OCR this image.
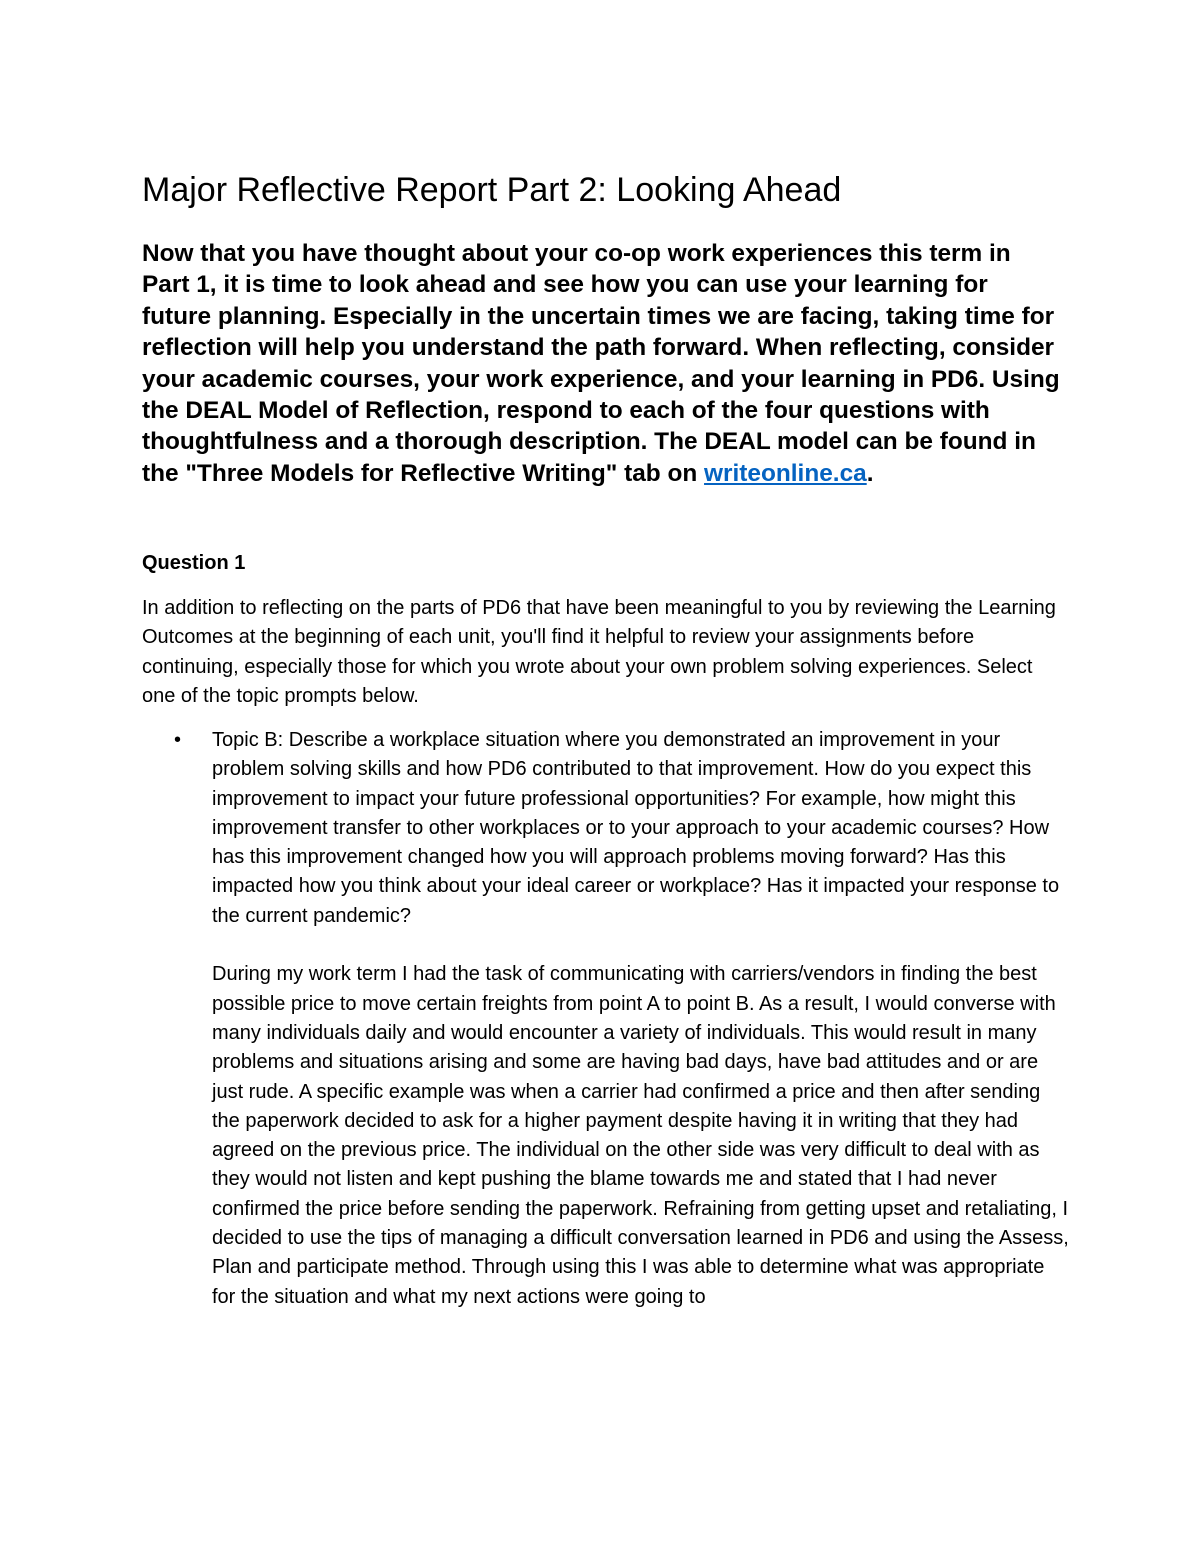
Major Reflective Report Part 2: Looking Ahead

Now that you have thought about your co-op work experiences this term in Part 1, it is time to look ahead and see how you can use your learning for future planning. Especially in the uncertain times we are facing, taking time for reflection will help you understand the path forward. When reflecting, consider your academic courses, your work experience, and your learning in PD6. Using the DEAL Model of Reflection, respond to each of the four questions with thoughtfulness and a thorough description. The DEAL model can be found in the "Three Models for Reflective Writing" tab on writeonline.ca.

Question 1

In addition to reflecting on the parts of PD6 that have been meaningful to you by reviewing the Learning Outcomes at the beginning of each unit, you'll find it helpful to review your assignments before continuing, especially those for which you wrote about your own problem solving experiences. Select one of the topic prompts below.

• Topic B: Describe a workplace situation where you demonstrated an improvement in your problem solving skills and how PD6 contributed to that improvement. How do you expect this improvement to impact your future professional opportunities? For example, how might this improvement transfer to other workplaces or to your approach to your academic courses? How has this improvement changed how you will approach problems moving forward? Has this impacted how you think about your ideal career or workplace? Has it impacted your response to the current pandemic?

During my work term I had the task of communicating with carriers/vendors in finding the best possible price to move certain freights from point A to point B. As a result, I would converse with many individuals daily and would encounter a variety of individuals. This would result in many problems and situations arising and some are having bad days, have bad attitudes and or are just rude. A specific example was when a carrier had confirmed a price and then after sending the paperwork decided to ask for a higher payment despite having it in writing that they had agreed on the previous price. The individual on the other side was very difficult to deal with as they would not listen and kept pushing the blame towards me and stated that I had never confirmed the price before sending the paperwork. Refraining from getting upset and retaliating, I decided to use the tips of managing a difficult conversation learned in PD6 and using the Assess, Plan and participate method. Through using this I was able to determine what was appropriate for the situation and what my next actions were going to
